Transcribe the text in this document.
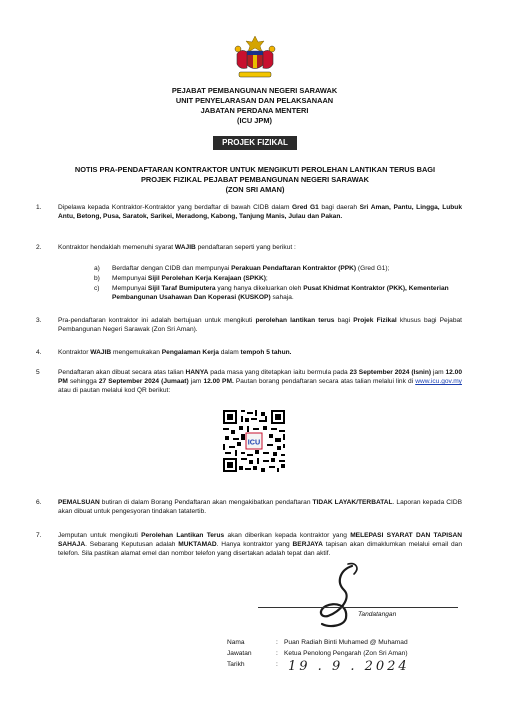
PEJABAT PEMBANGUNAN NEGERI SARAWAK
UNIT PENYELARASAN DAN PELAKSANAAN
JABATAN PERDANA MENTERI
(ICU JPM)
PROJEK FIZIKAL
NOTIS PRA-PENDAFTARAN KONTRAKTOR UNTUK MENGIKUTI PEROLEHAN LANTIKAN TERUS BAGI
PROJEK FIZIKAL PEJABAT PEMBANGUNAN NEGERI SARAWAK
(ZON SRI AMAN)
1.	Dipelawa kepada Kontraktor-Kontraktor yang berdaftar di bawah CIDB dalam Gred G1 bagi daerah Sri Aman, Pantu, Lingga, Lubuk Antu, Betong, Pusa, Saratok, Sarikei, Meradong, Kabong, Tanjung Manis, Julau dan Pakan.
2.	Kontraktor hendaklah memenuhi syarat WAJIB pendaftaran seperti yang berikut :
a) Berdaftar dengan CIDB dan mempunyai Perakuan Pendaftaran Kontraktor (PPK) (Gred G1);
b) Mempunyai Sijil Perolehan Kerja Kerajaan (SPKK);
c) Mempunyai Sijil Taraf Bumiputera yang hanya dikeluarkan oleh Pusat Khidmat Kontraktor (PKK), Kementerian Pembangunan Usahawan Dan Koperasi (KUSKOP) sahaja.
3.	Pra-pendaftaran kontraktor ini adalah bertujuan untuk mengikuti perolehan lantikan terus bagi Projek Fizikal khusus bagi Pejabat Pembangunan Negeri Sarawak (Zon Sri Aman).
4.	Kontraktor WAJIB mengemukakan Pengalaman Kerja dalam tempoh 5 tahun.
5	Pendaftaran akan dibuat secara atas talian HANYA pada masa yang ditetapkan iaitu bermula pada 23 September 2024 (Isnin) jam 12.00 PM sehingga 27 September 2024 (Jumaat) jam 12.00 PM. Pautan borang pendaftaran secara atas talian melalui link di www.icu.gov.my atau di pautan melalui kod QR berikut:
ICU
6.	PEMALSUAN butiran di dalam Borang Pendaftaran akan mengakibatkan pendaftaran TIDAK LAYAK/TERBATAL. Laporan kepada CIDB akan dibuat untuk pengesyoran tindakan tatatertib.
7.	Jemputan untuk mengikuti Perolehan Lantikan Terus akan diberikan kepada kontraktor yang MELEPASI SYARAT DAN TAPISAN SAHAJA. Sebarang Keputusan adalah MUKTAMAD. Hanya kontraktor yang BERJAYA tapisan akan dimaklumkan melalui email dan telefon. Sila pastikan alamat emel dan nombor telefon yang disertakan adalah tepat dan aktif.
Tandatangan
Nama	: Puan Radiah Binti Muhamed @ Muhamad
Jawatan	: Ketua Penolong Pengarah (Zon Sri Aman)
Tarikh	: 19 . 9 . 2024
